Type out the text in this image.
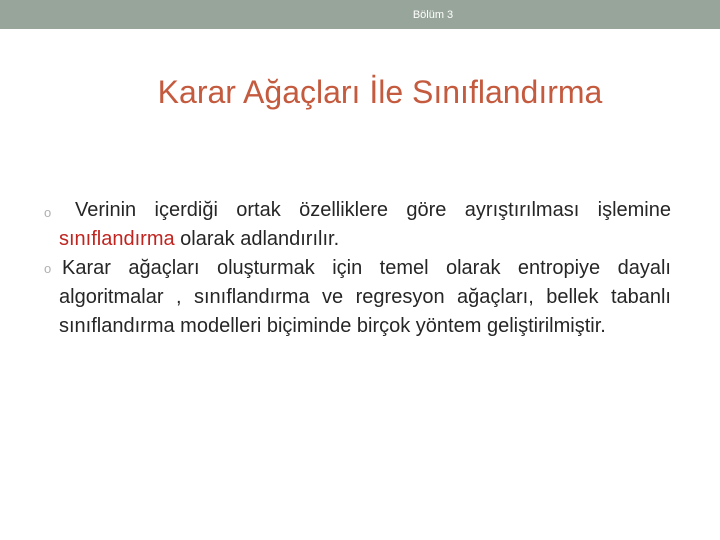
Bölüm 3
Karar Ağaçları İle Sınıflandırma
o	Verinin içerdiği ortak özelliklere göre ayrıştırılması işlemine sınıflandırma olarak adlandırılır.
o Karar ağaçları oluşturmak için temel olarak entropiye dayalı algoritmalar , sınıflandırma ve regresyon ağaçları, bellek tabanlı sınıflandırma modelleri biçiminde birçok yöntem geliştirilmiştir.
